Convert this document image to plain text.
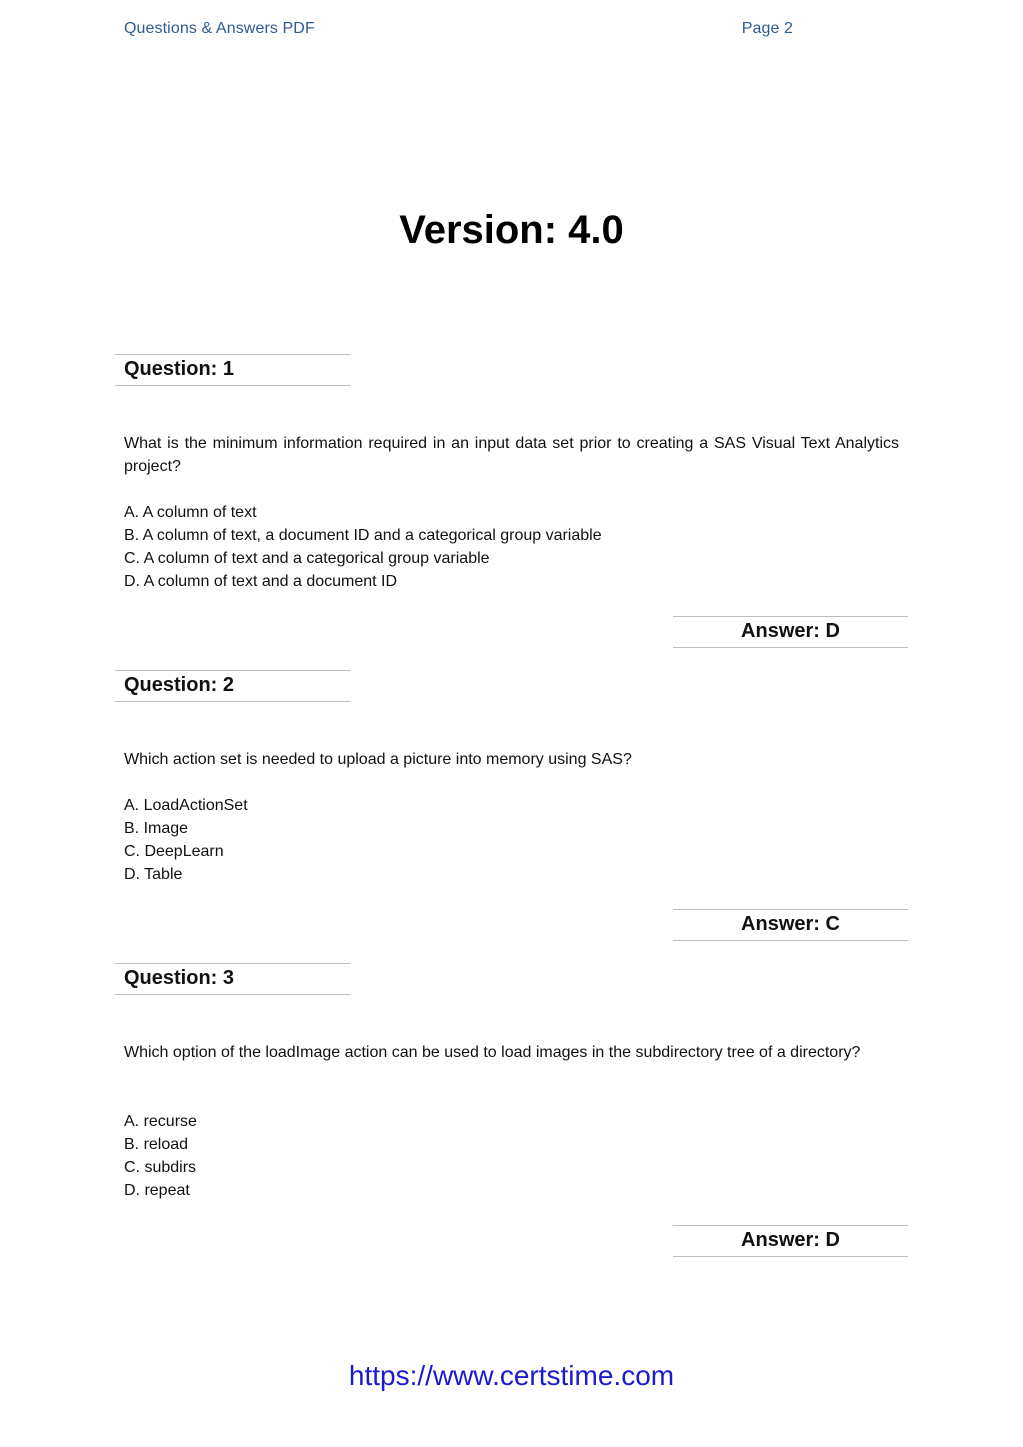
Questions & Answers PDF	Page 2
Version: 4.0
Question: 1
What is the minimum information required in an input data set prior to creating a SAS Visual Text Analytics project?
A. A column of text
B. A column of text, a document ID and a categorical group variable
C. A column of text and a categorical group variable
D. A column of text and a document ID
Answer: D
Question: 2
Which action set is needed to upload a picture into memory using SAS?
A. LoadActionSet
B. Image
C. DeepLearn
D. Table
Answer: C
Question: 3
Which option of the loadImage action can be used to load images in the subdirectory tree of a directory?
A. recurse
B. reload
C. subdirs
D. repeat
Answer: D
https://www.certstime.com
